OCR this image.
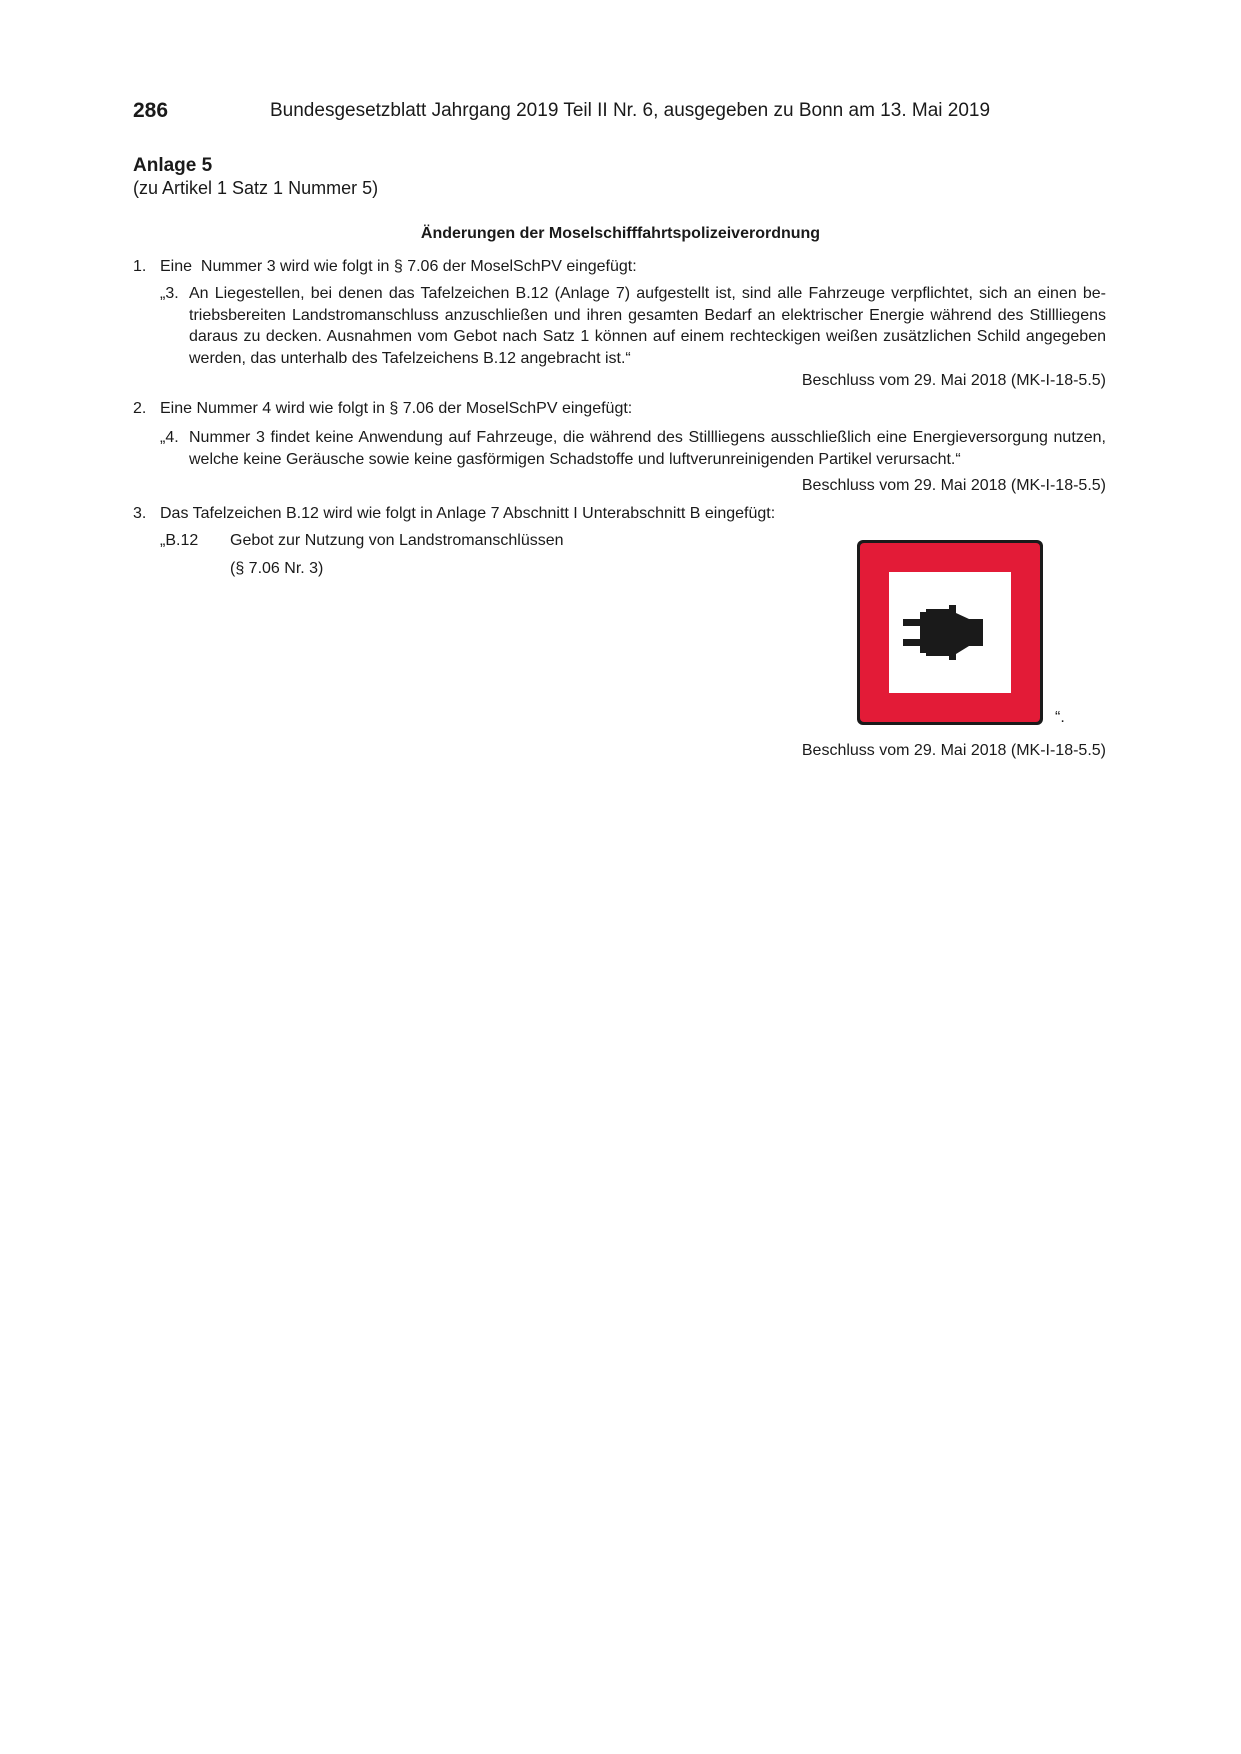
286	Bundesgesetzblatt Jahrgang 2019 Teil II Nr. 6, ausgegeben zu Bonn am 13. Mai 2019
Anlage 5
(zu Artikel 1 Satz 1 Nummer 5)
Änderungen der Moselschifffahrtspolizeiverordnung
1. Eine  Nummer 3 wird wie folgt in § 7.06 der MoselSchPV eingefügt:
„3. An Liegestellen, bei denen das Tafelzeichen B.12 (Anlage 7) aufgestellt ist, sind alle Fahrzeuge verpflichtet, sich an einen be-
triebsbereiten Landstromanschluss anzuschließen und ihren gesamten Bedarf an elektrischer Energie während des Stillliegens
daraus zu decken. Ausnahmen vom Gebot nach Satz 1 können auf einem rechteckigen weißen zusätzlichen Schild angegeben
werden, das unterhalb des Tafelzeichens B.12 angebracht ist.“
Beschluss vom 29. Mai 2018 (MK-I-18-5.5)
2. Eine Nummer 4 wird wie folgt in § 7.06 der MoselSchPV eingefügt:
„4. Nummer 3 findet keine Anwendung auf Fahrzeuge, die während des Stillliegens ausschließlich eine Energieversorgung nutzen,
welche keine Geräusche sowie keine gasförmigen Schadstoffe und luftverunreinigenden Partikel verursacht.“
Beschluss vom 29. Mai 2018 (MK-I-18-5.5)
3. Das Tafelzeichen B.12 wird wie folgt in Anlage 7 Abschnitt I Unterabschnitt B eingefügt:
„B.12 Gebot zur Nutzung von Landstromanschlüssen
(§ 7.06 Nr. 3)
“.
Beschluss vom 29. Mai 2018 (MK-I-18-5.5)
